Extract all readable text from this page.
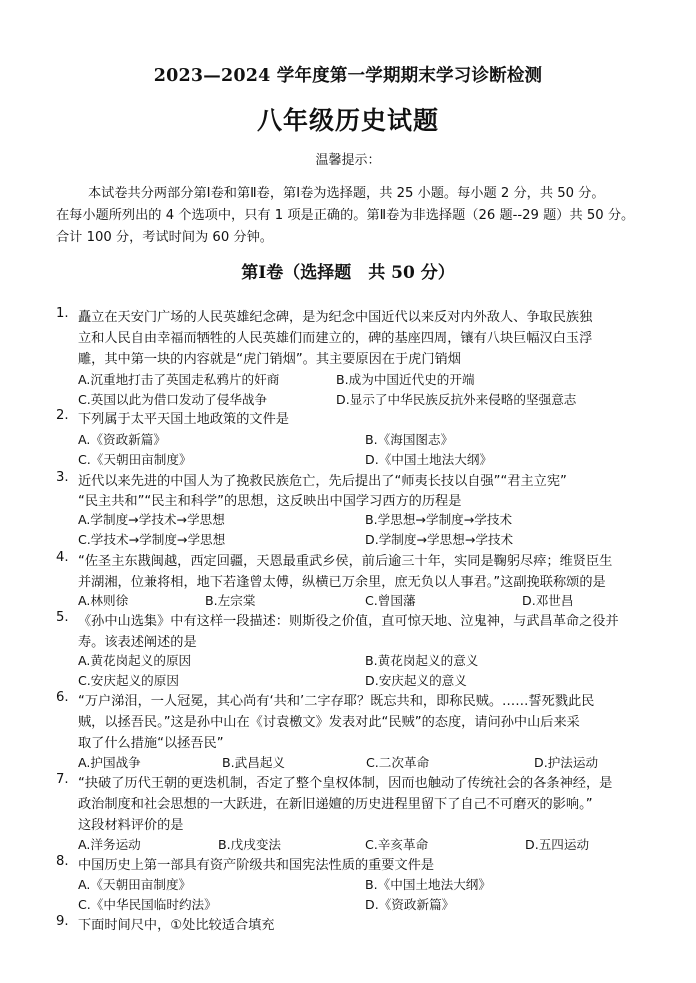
2023—2024 学年度第一学期期末学习诊断检测
八年级历史试题
温馨提示：
本试卷共分两部分第Ⅰ卷和第Ⅱ卷，第Ⅰ卷为选择题，共 25 小题。每小题 2 分，共 50 分。
在每小题所列出的 4 个选项中，只有 1 项是正确的。第Ⅱ卷为非选择题（26 题--29 题）共 50 分。
合计 100 分，考试时间为 60 分钟。
第Ⅰ卷（选择题　共 50 分）
1. 矗立在天安门广场的人民英雄纪念碑，是为纪念中国近代以来反对内外敌人、争取民族独
立和人民自由幸福而牺牲的人民英雄们而建立的，碑的基座四周，镶有八块巨幅汉白玉浮
雕，其中第一块的内容就是“虎门销烟”。其主要原因在于虎门销烟
A.沉重地打击了英国走私鸦片的奸商	B.成为中国近代史的开端
C.英国以此为借口发动了侵华战争	D.显示了中华民族反抗外来侵略的坚强意志
2. 下列属于太平天国土地政策的文件是
A.《资政新篇》	B.《海国图志》
C.《天朝田亩制度》	D.《中国土地法大纲》
3. 近代以来先进的中国人为了挽救民族危亡，先后提出了“师夷长技以自强”“君主立宪”
“民主共和”“民主和科学”的思想，这反映出中国学习西方的历程是
A.学制度→学技术→学思想	B.学思想→学制度→学技术
C.学技术→学制度→学思想	D.学制度→学思想→学技术
4. “佐圣主东戡闽越，西定回疆，天恩最重武乡侯，前后逾三十年，实同是鞠躬尽瘁；维贤臣生
并湖湘，位兼将相，地下若逢曾太傅，纵横已万余里，庶无负以人事君。”这副挽联称颂的是
A.林则徐	B.左宗棠	C.曾国藩	D.邓世昌
5. 《孙中山选集》中有这样一段描述：则斯役之价值，直可惊天地、泣鬼神，与武昌革命之役并
寿。该表述阐述的是
A.黄花岗起义的原因	B.黄花岗起义的意义
C.安庆起义的原因	D.安庆起义的意义
6. “万户涕泪，一人冠冕，其心尚有‘共和’二字存耶？既忘共和，即称民贼。……誓死戮此民
贼，以拯吾民。”这是孙中山在《讨袁檄文》发表对此“民贼”的态度，请问孙中山后来采
取了什么措施“以拯吾民”
A.护国战争	B.武昌起义	C.二次革命	D.护法运动
7. “抉破了历代王朝的更迭机制，否定了整个皇权体制，因而也触动了传统社会的各条神经，是
政治制度和社会思想的一大跃进，在新旧递嬗的历史进程里留下了自己不可磨灭的影响。”
这段材料评价的是
A.洋务运动	B.戊戌变法	C.辛亥革命	D.五四运动
8. 中国历史上第一部具有资产阶级共和国宪法性质的重要文件是
A.《天朝田亩制度》	B.《中国土地法大纲》
C.《中华民国临时约法》	D.《资政新篇》
9. 下面时间尺中，①处比较适合填充
